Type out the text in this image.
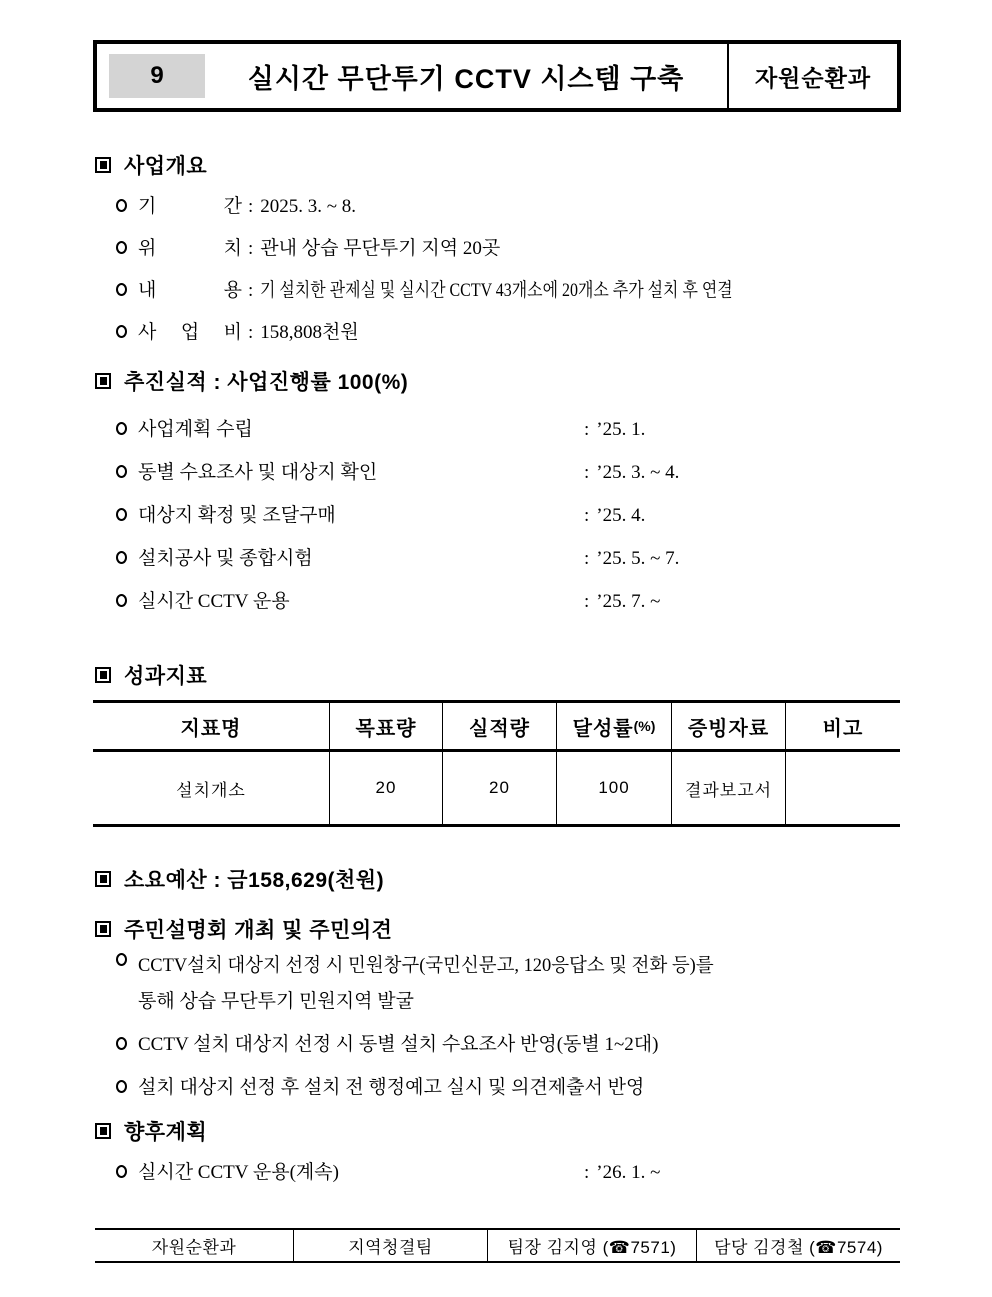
9	실시간 무단투기 CCTV 시스템 구축	자원순환과
사업개요
기 간 : 2025. 3. ~ 8.
위 치 : 관내 상습 무단투기 지역 20곳
내 용 : 기 설치한 관제실 및 실시간 CCTV 43개소에 20개소 추가 설치 후 연결
사 업 비 : 158,808천원
추진실적 : 사업진행률 100(%)
사업계획 수립	: ’25. 1.
동별 수요조사 및 대상지 확인	: ’25. 3. ~ 4.
대상지 확정 및 조달구매	: ’25. 4.
설치공사 및 종합시험	: ’25. 5. ~ 7.
실시간 CCTV 운용	: ’25. 7. ~
성과지표
지표명	목표량	실적량	달성률 (%)	증빙자료	비고
설치개소	20	20	100	결과보고서
소요예산 : 금158,629(천원)
주민설명회 개최 및 주민의견
CCTV설치 대상지 선정 시 민원창구(국민신문고, 120응답소 및 전화 등)를
통해 상습 무단투기 민원지역 발굴
CCTV 설치 대상지 선정 시 동별 설치 수요조사 반영(동별 1~2대)
설치 대상지 선정 후 설치 전 행정예고 실시 및 의견제출서 반영
향후계획
실시간 CCTV 운용(계속)	: ’26. 1. ~
자원순환과	지역청결팀	팀장 김지영 (☎7571)	담당 김경철 (☎7574)
